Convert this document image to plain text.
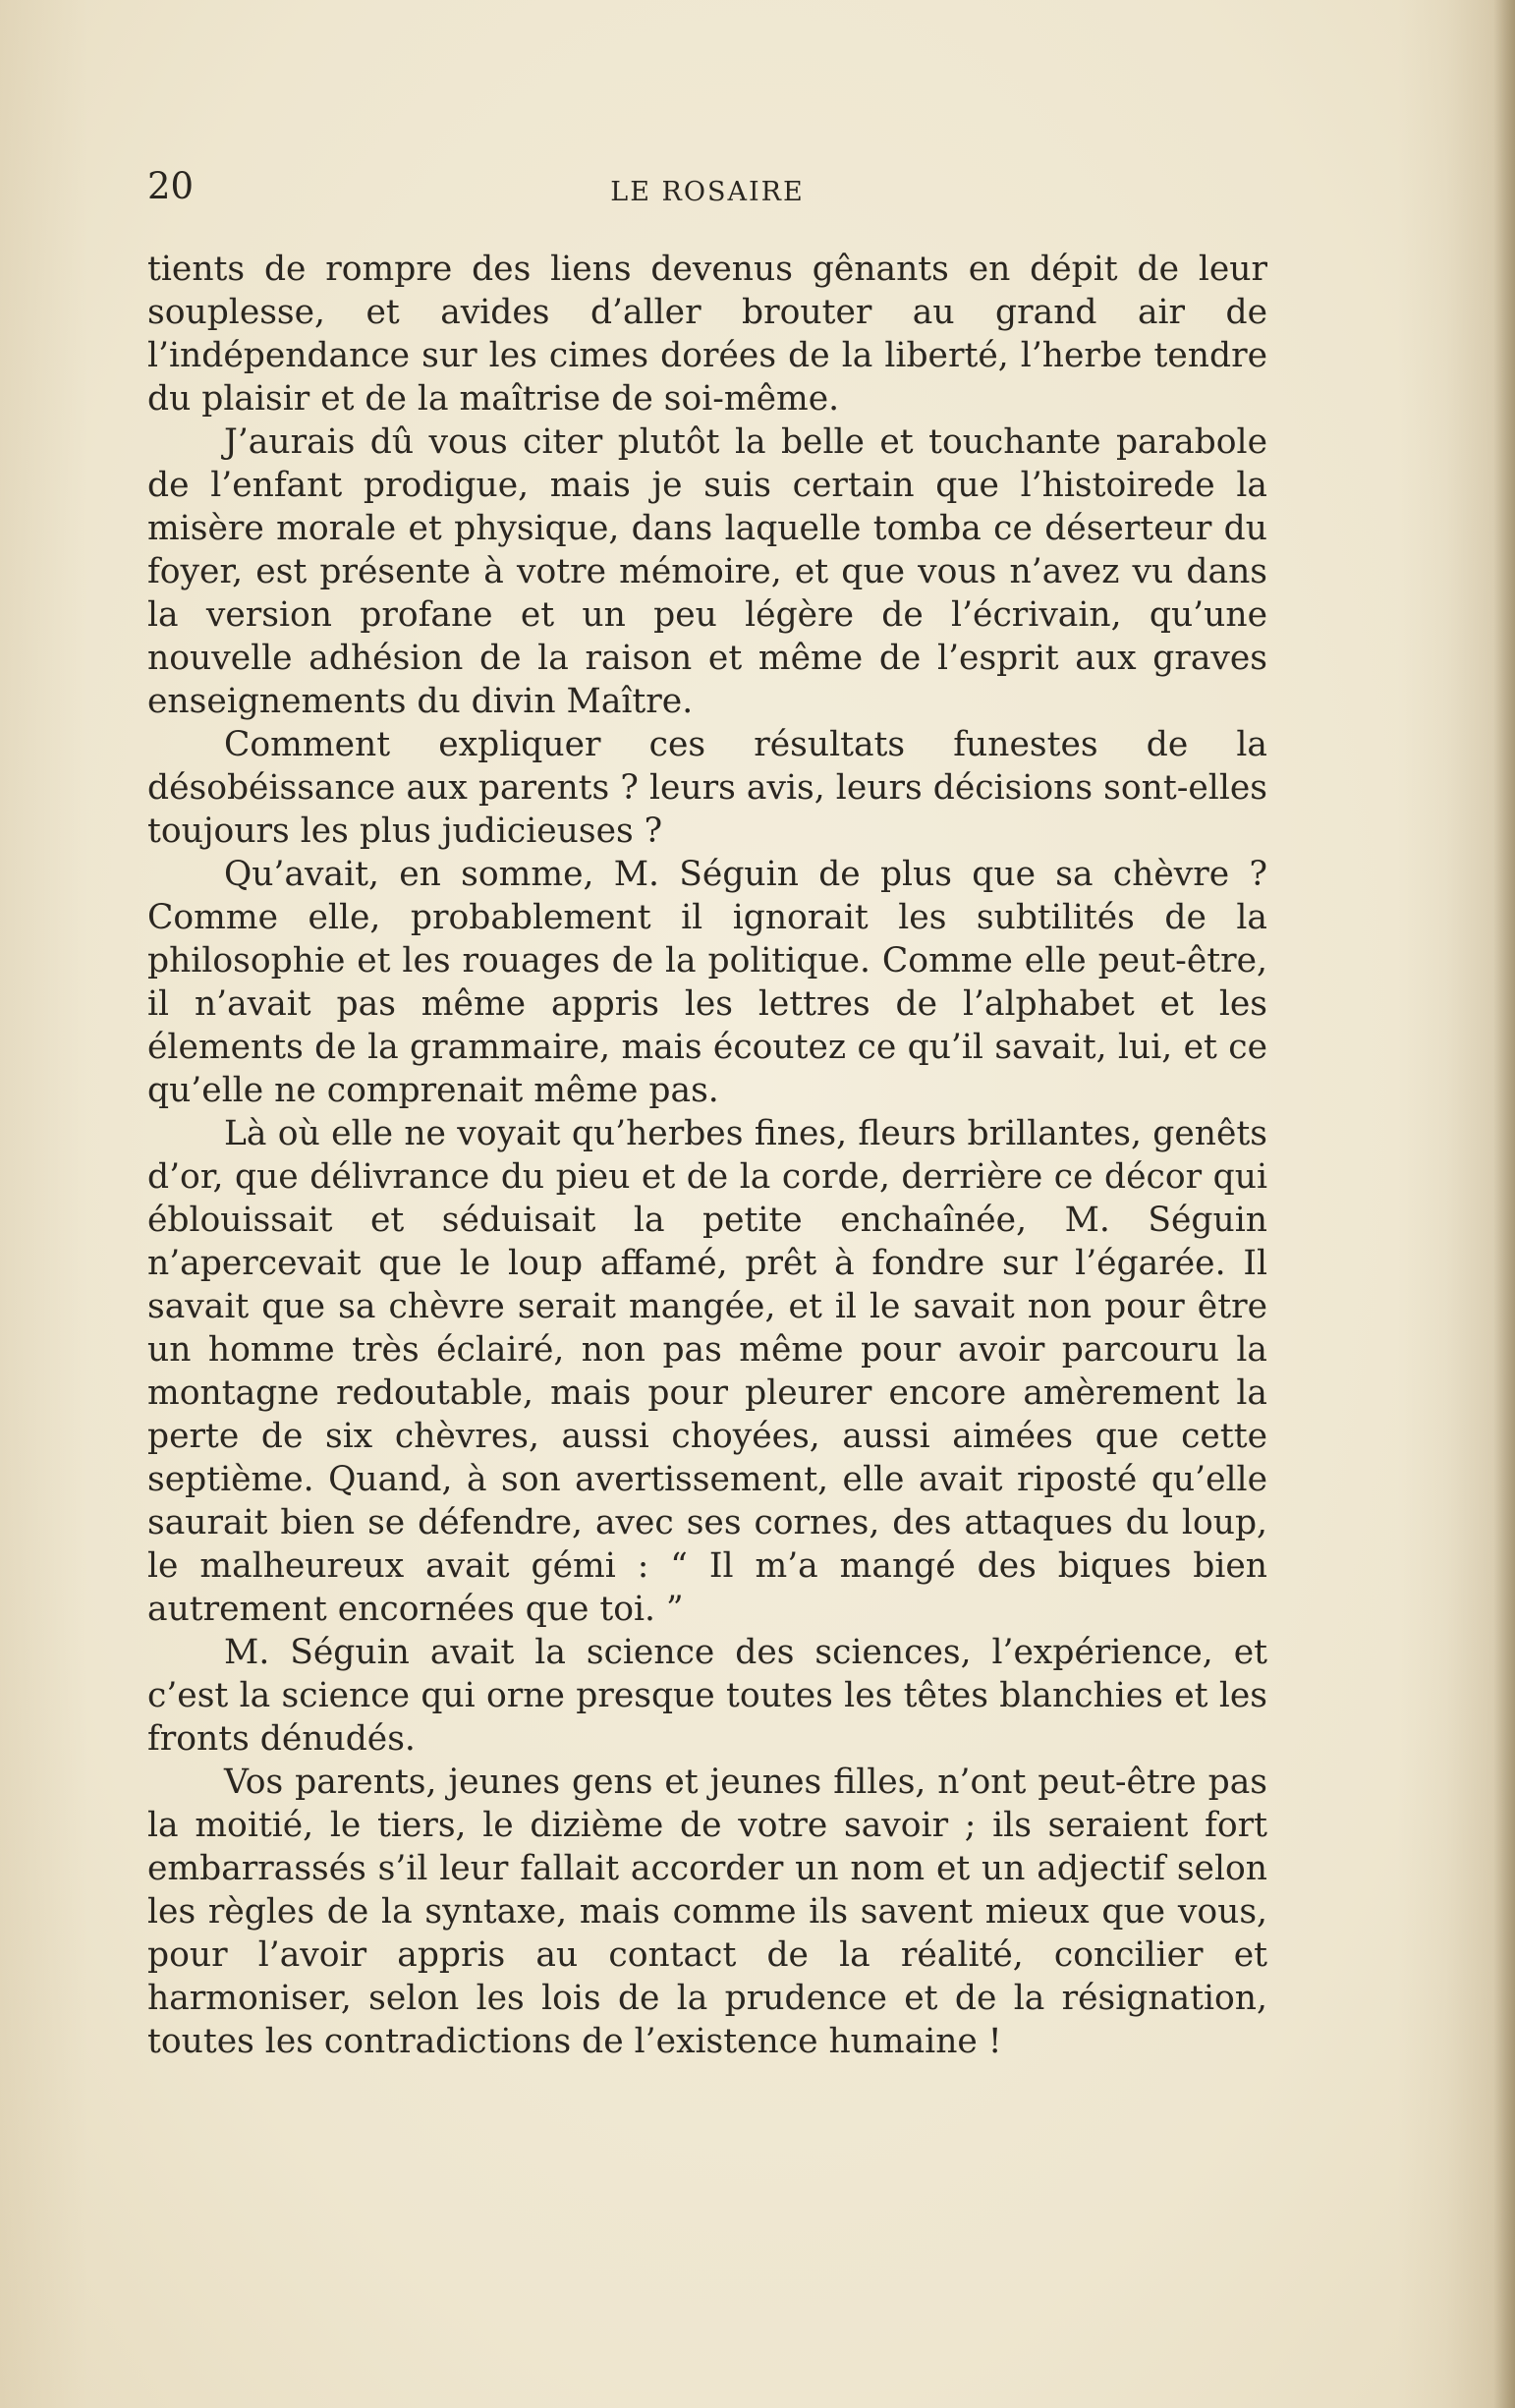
20	LE ROSAIRE

tients de rompre des liens devenus gênants en dépit de leur souplesse, et avides d’aller brouter au grand air de l’indépendance sur les cimes dorées de la liberté, l’herbe tendre du plaisir et de la maîtrise de soi-même.

J’aurais dû vous citer plutôt la belle et touchante parabole de l’enfant prodigue, mais je suis certain que l’histoirede la misère morale et physique, dans laquelle tomba ce déserteur du foyer, est présente à votre mémoire, et que vous n’avez vu dans la version profane et un peu légère de l’écrivain, qu’une nouvelle adhésion de la raison et même de l’esprit aux graves enseignements du divin Maître.

Comment expliquer ces résultats funestes de la désobéissance aux parents ? leurs avis, leurs décisions sont-elles toujours les plus judicieuses ?

Qu’avait, en somme, M. Séguin de plus que sa chèvre ? Comme elle, probablement il ignorait les subtilités de la philosophie et les rouages de la politique. Comme elle peut-être, il n’avait pas même appris les lettres de l’alphabet et les élements de la grammaire, mais écoutez ce qu’il savait, lui, et ce qu’elle ne comprenait même pas.

Là où elle ne voyait qu’herbes fines, fleurs brillantes, genêts d’or, que délivrance du pieu et de la corde, derrière ce décor qui éblouissait et séduisait la petite enchaînée, M. Séguin n’apercevait que le loup affamé, prêt à fondre sur l’égarée. Il savait que sa chèvre serait mangée, et il le savait non pour être un homme très éclairé, non pas même pour avoir parcouru la montagne redoutable, mais pour pleurer encore amèrement la perte de six chèvres, aussi choyées, aussi aimées que cette septième. Quand, à son avertissement, elle avait riposté qu’elle saurait bien se défendre, avec ses cornes, des attaques du loup, le malheureux avait gémi : “ Il m’a mangé des biques bien autrement encornées que toi. ”

M. Séguin avait la science des sciences, l’expérience, et c’est la science qui orne presque toutes les têtes blanchies et les fronts dénudés.

Vos parents, jeunes gens et jeunes filles, n’ont peut-être pas la moitié, le tiers, le dizième de votre savoir ; ils seraient fort embarrassés s’il leur fallait accorder un nom et un adjectif selon les règles de la syntaxe, mais comme ils savent mieux que vous, pour l’avoir appris au contact de la réalité, concilier et harmoniser, selon les lois de la prudence et de la résignation, toutes les contradictions de l’existence humaine !
